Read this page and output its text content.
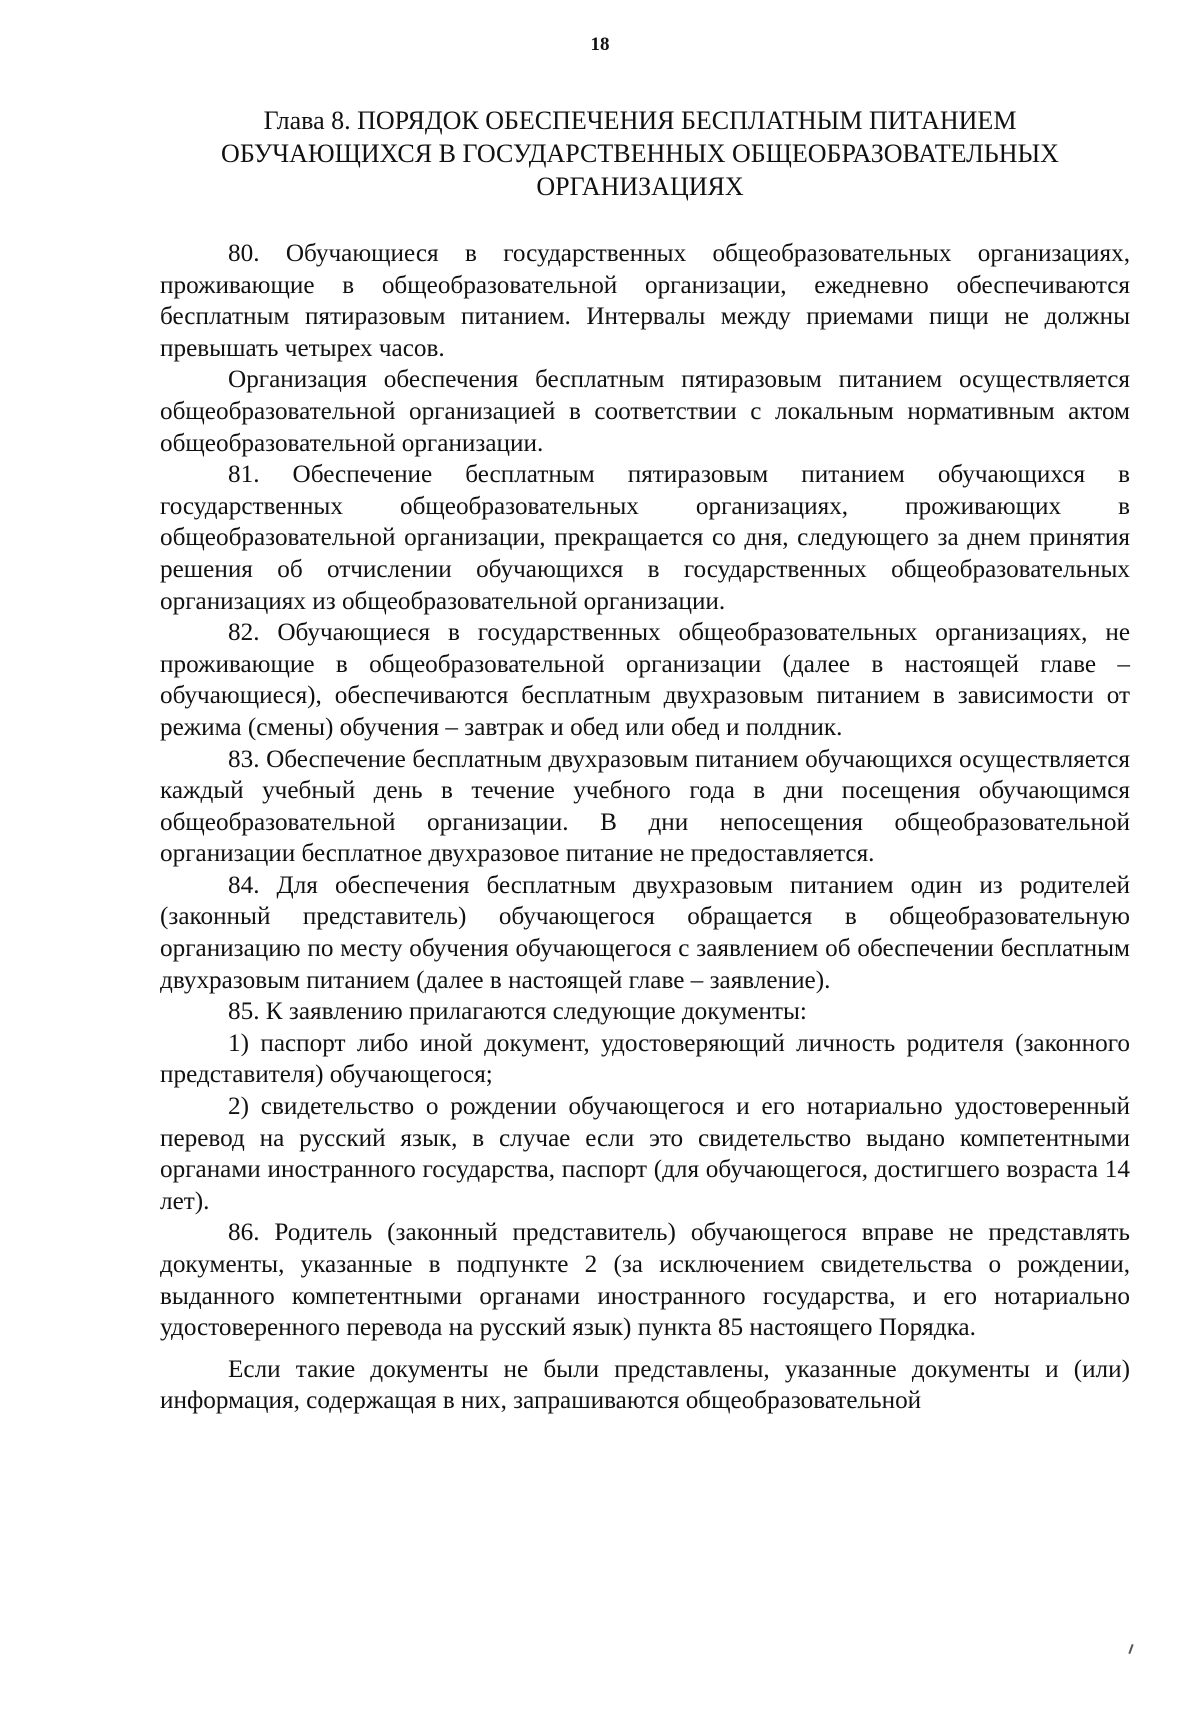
18
Глава 8. ПОРЯДОК ОБЕСПЕЧЕНИЯ БЕСПЛАТНЫМ ПИТАНИЕМ
ОБУЧАЮЩИХСЯ В ГОСУДАРСТВЕННЫХ ОБЩЕОБРАЗОВАТЕЛЬНЫХ
ОРГАНИЗАЦИЯХ

80. Обучающиеся в государственных общеобразовательных организациях, проживающие в общеобразовательной организации, ежедневно обеспечиваются бесплатным пятиразовым питанием. Интервалы между приемами пищи не должны превышать четырех часов.

Организация обеспечения бесплатным пятиразовым питанием осуществляется общеобразовательной организацией в соответствии с локальным нормативным актом общеобразовательной организации.

81. Обеспечение бесплатным пятиразовым питанием обучающихся в государственных общеобразовательных организациях, проживающих в общеобразовательной организации, прекращается со дня, следующего за днем принятия решения об отчислении обучающихся в государственных общеобразовательных организациях из общеобразовательной организации.

82. Обучающиеся в государственных общеобразовательных организациях, не проживающие в общеобразовательной организации (далее в настоящей главе – обучающиеся), обеспечиваются бесплатным двухразовым питанием в зависимости от режима (смены) обучения – завтрак и обед или обед и полдник.

83. Обеспечение бесплатным двухразовым питанием обучающихся осуществляется каждый учебный день в течение учебного года в дни посещения обучающимся общеобразовательной организации. В дни непосещения общеобразовательной организации бесплатное двухразовое питание не предоставляется.

84. Для обеспечения бесплатным двухразовым питанием один из родителей (законный представитель) обучающегося обращается в общеобразовательную организацию по месту обучения обучающегося с заявлением об обеспечении бесплатным двухразовым питанием (далее в настоящей главе – заявление).

85. К заявлению прилагаются следующие документы:

1) паспорт либо иной документ, удостоверяющий личность родителя (законного представителя) обучающегося;

2) свидетельство о рождении обучающегося и его нотариально удостоверенный перевод на русский язык, в случае если это свидетельство выдано компетентными органами иностранного государства, паспорт (для обучающегося, достигшего возраста 14 лет).

86. Родитель (законный представитель) обучающегося вправе не представлять документы, указанные в подпункте 2 (за исключением свидетельства о рождении, выданного компетентными органами иностранного государства, и его нотариально удостоверенного перевода на русский язык) пункта 85 настоящего Порядка.

Если такие документы не были представлены, указанные документы и (или) информация, содержащая в них, запрашиваются общеобразовательной
